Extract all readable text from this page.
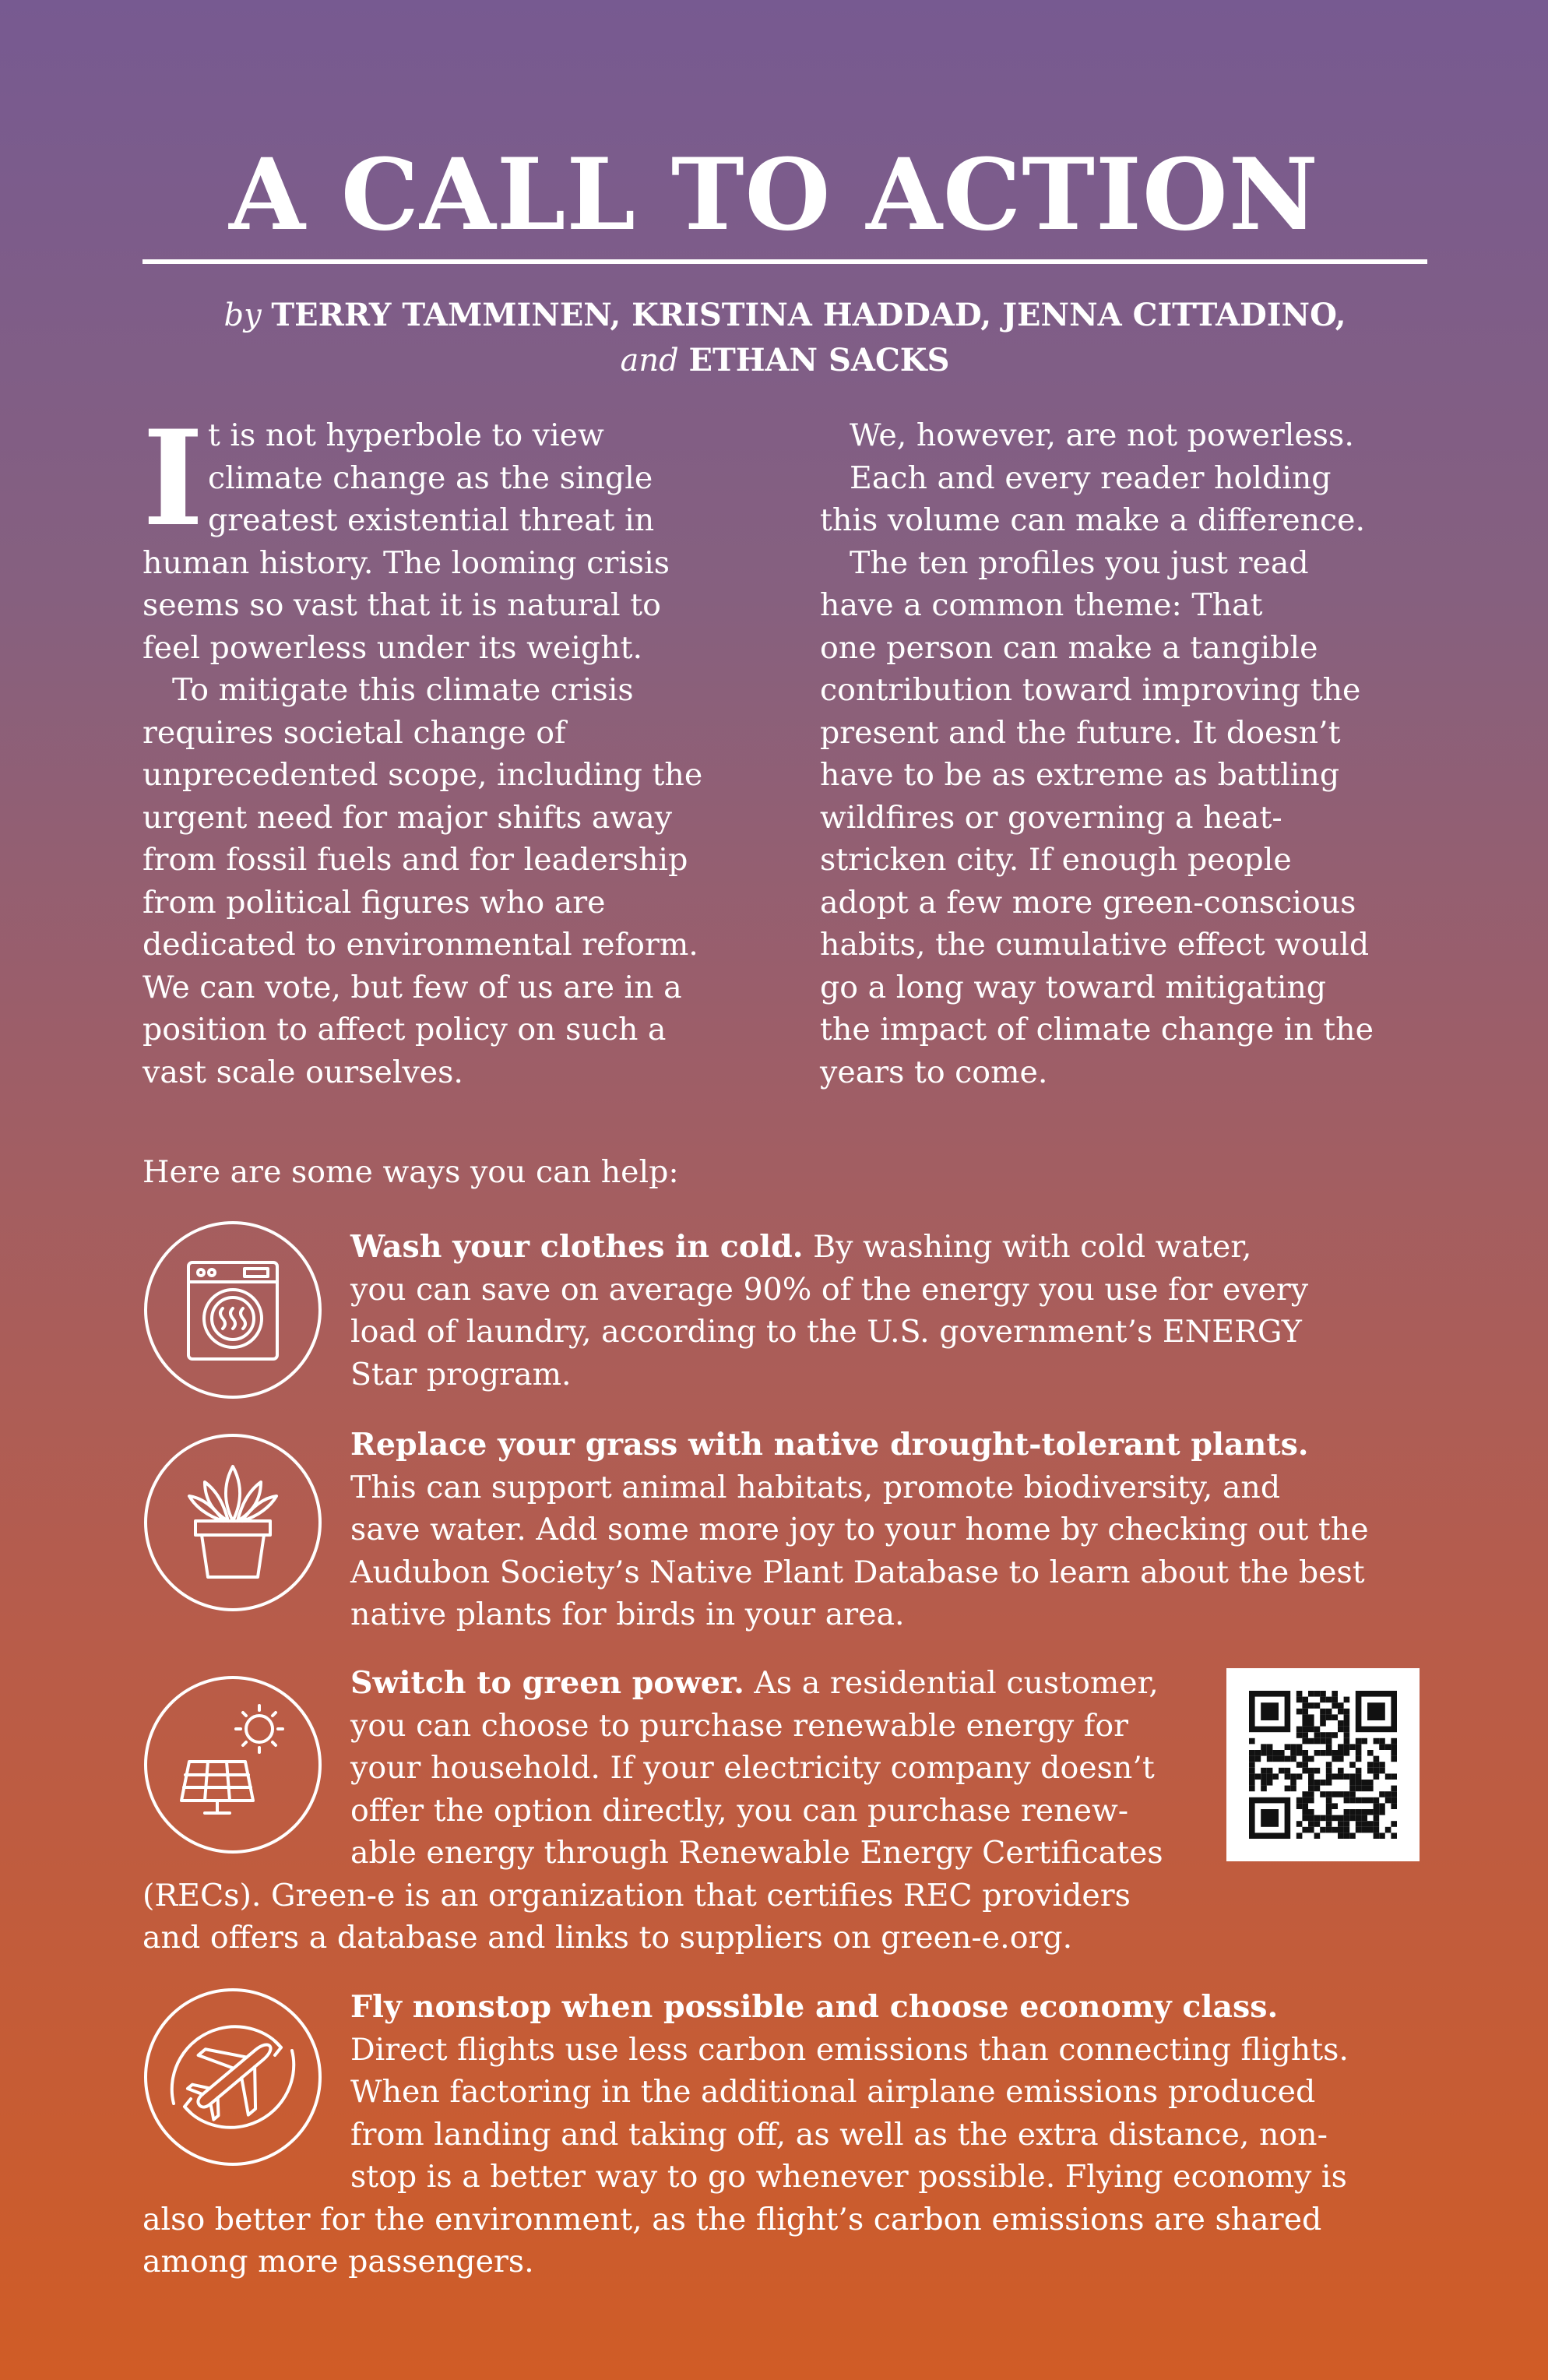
A CALL TO ACTION
by TERRY TAMMINEN, KRISTINA HADDAD, JENNA CITTADINO,
and ETHAN SACKS
I t is not hyperbole to view

climate change as the single

greatest existential threat in

human history. The looming crisis

seems so vast that it is natural to

feel powerless under its weight.

To mitigate this climate crisis

requires societal change of

unprecedented scope, including the

urgent need for major shifts away

from fossil fuels and for leadership

from political figures who are

dedicated to environmental reform.

We can vote, but few of us are in a

position to affect policy on such a

vast scale ourselves.

We, however, are not powerless.

Each and every reader holding

this volume can make a difference.

The ten profiles you just read

have a common theme: That

one person can make a tangible

contribution toward improving the

present and the future. It doesn’t

have to be as extreme as battling

wildfires or governing a heat-

stricken city. If enough people

adopt a few more green-conscious

habits, the cumulative effect would

go a long way toward mitigating

the impact of climate change in the

years to come.

Here are some ways you can help:
Wash your clothes in cold. By washing with cold water,
you can save on average 90% of the energy you use for every
load of laundry, according to the U.S. government’s ENERGY
Star program.
Replace your grass with native drought-tolerant plants.
This can support animal habitats, promote biodiversity, and
save water. Add some more joy to your home by checking out the
Audubon Society’s Native Plant Database to learn about the best
native plants for birds in your area.
Switch to green power. As a residential customer,
you can choose to purchase renewable energy for
your household. If your electricity company doesn’t
offer the option directly, you can purchase renew-
able energy through Renewable Energy Certificates
(RECs). Green-e is an organization that certifies REC providers
and offers a database and links to suppliers on green-e.org.
Fly nonstop when possible and choose economy class.
Direct flights use less carbon emissions than connecting flights.
When factoring in the additional airplane emissions produced
from landing and taking off, as well as the extra distance, non-
stop is a better way to go whenever possible. Flying economy is
also better for the environment, as the flight’s carbon emissions are shared
among more passengers.
